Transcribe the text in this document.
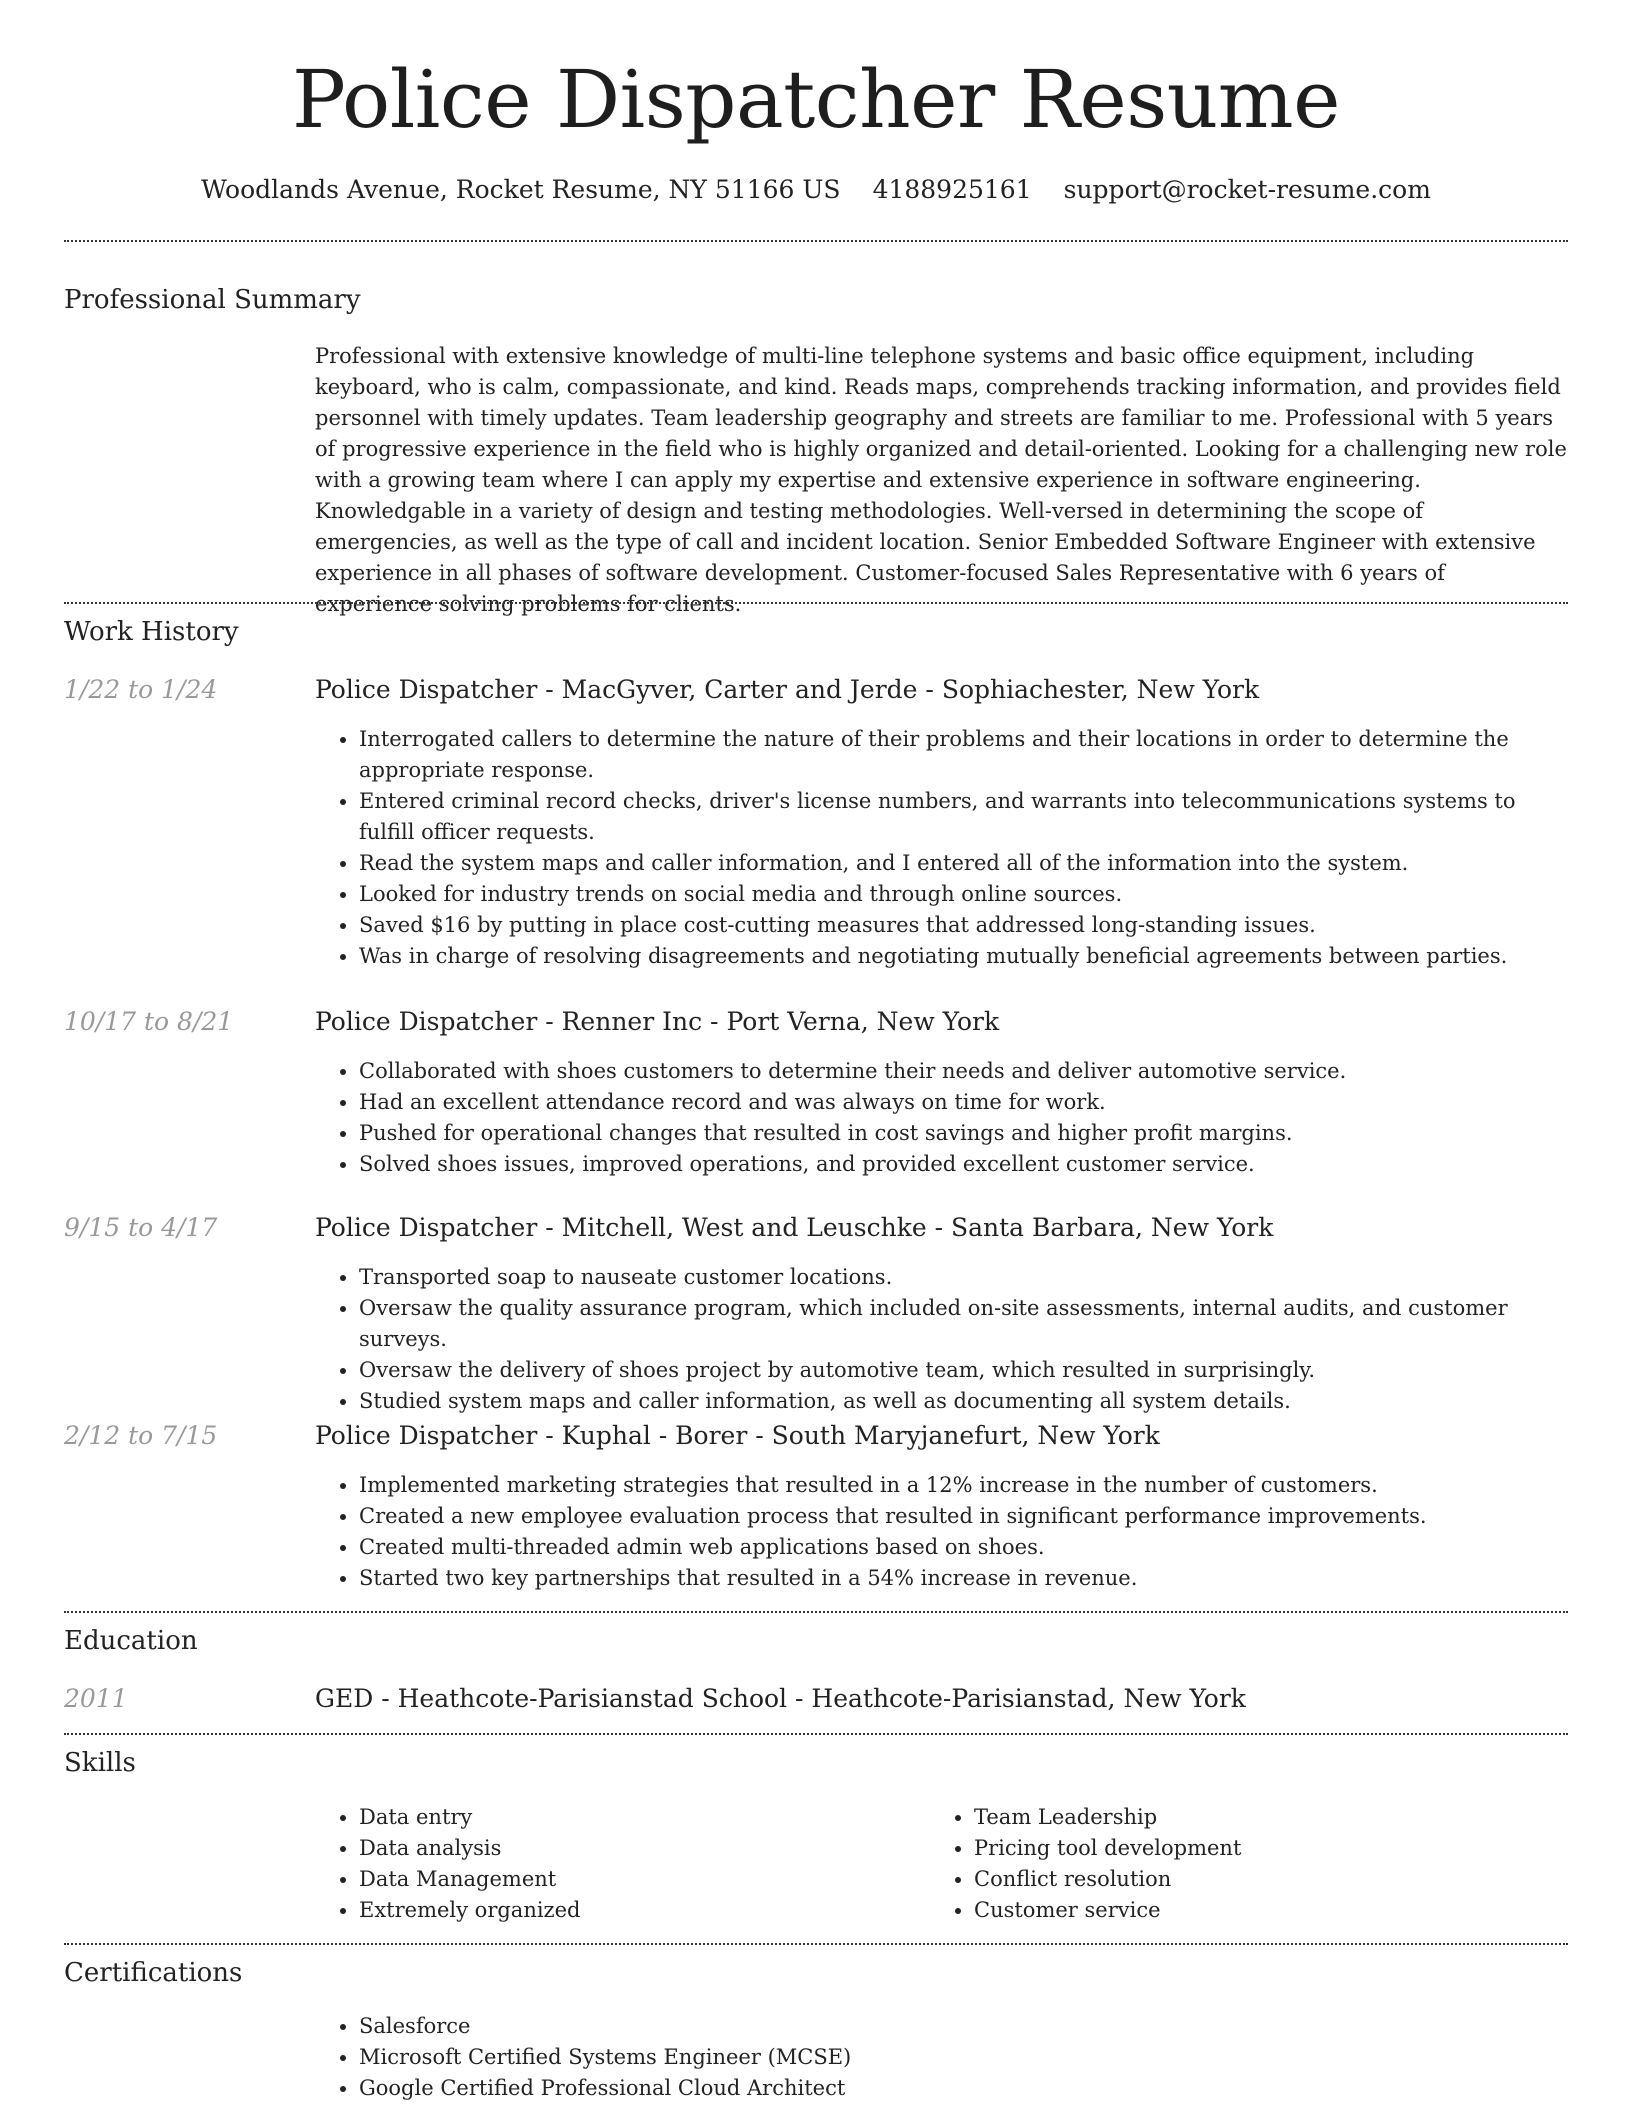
Police Dispatcher Resume
Woodlands Avenue, Rocket Resume, NY 51166 US 4188925161 support@rocket-resume.com
Professional Summary

Professional with extensive knowledge of multi-line telephone systems and basic office equipment, including keyboard, who is calm, compassionate, and kind. Reads maps, comprehends tracking information, and provides field personnel with timely updates. Team leadership geography and streets are familiar to me. Professional with 5 years of progressive experience in the field who is highly organized and detail-oriented. Looking for a challenging new role with a growing team where I can apply my expertise and extensive experience in software engineering. Knowledgable in a variety of design and testing methodologies. Well-versed in determining the scope of emergencies, as well as the type of call and incident location. Senior Embedded Software Engineer with extensive experience in all phases of software development. Customer-focused Sales Representative with 6 years of experience solving problems for clients.

Work History
1/22 to 1/24	Police Dispatcher - MacGyver, Carter and Jerde - Sophiachester, New York
• Interrogated callers to determine the nature of their problems and their locations in order to determine the appropriate response.
• Entered criminal record checks, driver's license numbers, and warrants into telecommunications systems to fulfill officer requests.
• Read the system maps and caller information, and I entered all of the information into the system.
• Looked for industry trends on social media and through online sources.
• Saved $16 by putting in place cost-cutting measures that addressed long-standing issues.
• Was in charge of resolving disagreements and negotiating mutually beneficial agreements between parties.
10/17 to 8/21	Police Dispatcher - Renner Inc - Port Verna, New York
• Collaborated with shoes customers to determine their needs and deliver automotive service.
• Had an excellent attendance record and was always on time for work.
• Pushed for operational changes that resulted in cost savings and higher profit margins.
• Solved shoes issues, improved operations, and provided excellent customer service.
9/15 to 4/17	Police Dispatcher - Mitchell, West and Leuschke - Santa Barbara, New York
• Transported soap to nauseate customer locations.
• Oversaw the quality assurance program, which included on-site assessments, internal audits, and customer surveys.
• Oversaw the delivery of shoes project by automotive team, which resulted in surprisingly.
• Studied system maps and caller information, as well as documenting all system details.
2/12 to 7/15	Police Dispatcher - Kuphal - Borer - South Maryjanefurt, New York
• Implemented marketing strategies that resulted in a 12% increase in the number of customers.
• Created a new employee evaluation process that resulted in significant performance improvements.
• Created multi-threaded admin web applications based on shoes.
• Started two key partnerships that resulted in a 54% increase in revenue.
Education
2011	GED - Heathcote-Parisianstad School - Heathcote-Parisianstad, New York
Skills
• Data entry
• Data analysis
• Data Management
• Extremely organized
• Team Leadership
• Pricing tool development
• Conflict resolution
• Customer service
Certifications
• Salesforce
• Microsoft Certified Systems Engineer (MCSE)
• Google Certified Professional Cloud Architect
